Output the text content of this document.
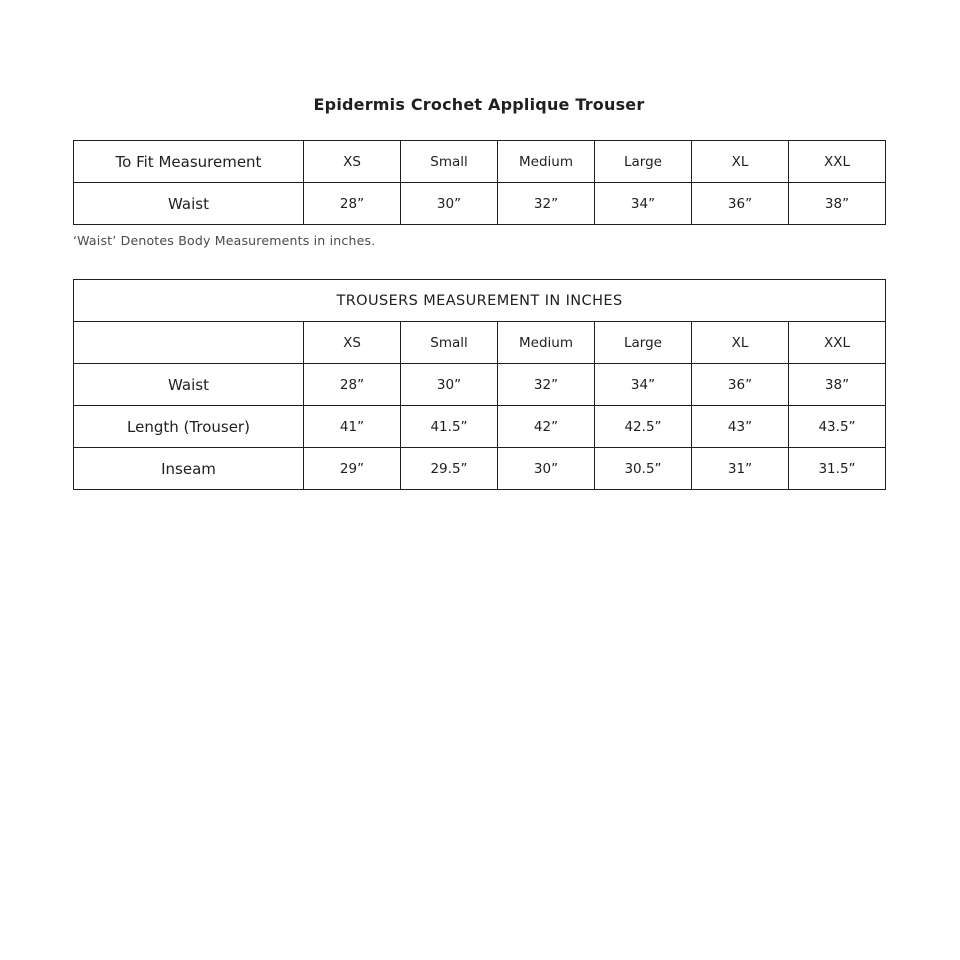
Epidermis Crochet Applique Trouser
To Fit Measurement	XS	Small	Medium	Large	XL	XXL
Waist	28”	30”	32”	34”	36”	38”
‘Waist’ Denotes Body Measurements in inches.
TROUSERS MEASUREMENT IN INCHES						
	XS	Small	Medium	Large	XL	XXL
Waist	28”	30”	32”	34”	36”	38”
Length (Trouser)	41”	41.5”	42”	42.5”	43”	43.5”
Inseam	29”	29.5”	30”	30.5”	31”	31.5”
